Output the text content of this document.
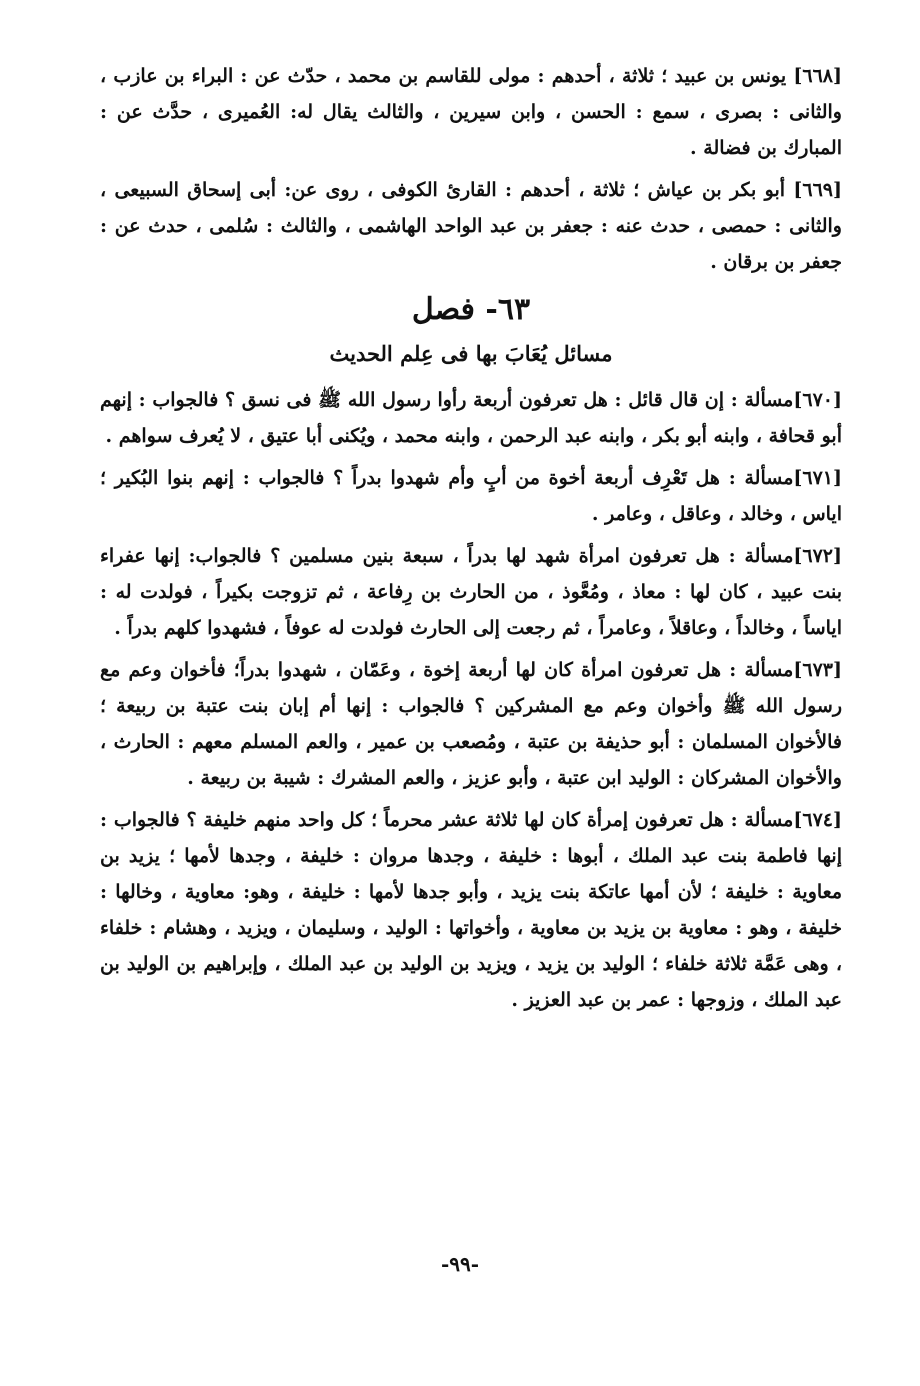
[٦٦٨] يونس بن عبيد ؛ ثلاثة ، أحدهم : مولى للقاسم بن محمد ، حدّث عن : البراء بن عازب ، والثانى : بصرى ، سمع : الحسن ، وابن سيرين ، والثالث يقال له: العُميرى ، حدَّث عن : المبارك بن فضالة .

[٦٦٩] أبو بكر بن عياش ؛ ثلاثة ، أحدهم : القارئ الكوفى ، روى عن: أبى إسحاق السبيعى ، والثانى : حمصى ، حدث عنه : جعفر بن عبد الواحد الهاشمى ، والثالث : سُلمى ، حدث عن : جعفر بن برقان .

٦٣- فصل
مسائل يُعَابَ بها فى عِلم الحديث

[٦٧٠]مسألة : إن قال قائل : هل تعرفون أربعة رأوا رسول الله ﷺ فى نسق ؟ فالجواب : إنهم أبو قحافة ، وابنه أبو بكر ، وابنه عبد الرحمن ، وابنه محمد ، ويُكنى أبا عتيق ، لا يُعرف سواهم .

[٦٧١]مسألة : هل تَعْرِف أربعة أخوة من أبٍ وأم شهدوا بدراً ؟ فالجواب : إنهم بنوا البُكير ؛ اياس ، وخالد ، وعاقل ، وعامر .

[٦٧٢]مسألة : هل تعرفون امرأة شهد لها بدراً ، سبعة بنين مسلمين ؟ فالجواب: إنها عفراء بنت عبيد ، كان لها : معاذ ، ومُعَّوذ ، من الحارث بن رِفاعة ، ثم تزوجت بكيراً ، فولدت له : اياساً ، وخالداً ، وعاقلاً ، وعامراً ، ثم رجعت إلى الحارث فولدت له عوفاً ، فشهدوا كلهم بدراً .

[٦٧٣]مسألة : هل تعرفون امرأة كان لها أربعة إخوة ، وعَمّان ، شهدوا بدراً؛ فأخوان وعم مع رسول الله ﷺ وأخوان وعم مع المشركين ؟ فالجواب : إنها أم إبان بنت عتبة بن ربيعة ؛ فالأخوان المسلمان : أبو حذيفة بن عتبة ، ومُصعب بن عمير ، والعم المسلم معهم : الحارث ، والأخوان المشركان : الوليد ابن عتبة ، وأبو عزيز ، والعم المشرك : شيبة بن ربيعة .

[٦٧٤]مسألة : هل تعرفون إمرأة كان لها ثلاثة عشر محرماً ؛ كل واحد منهم خليفة ؟ فالجواب : إنها فاطمة بنت عبد الملك ، أبوها : خليفة ، وجدها مروان : خليفة ، وجدها لأمها ؛ يزيد بن معاوية : خليفة ؛ لأن أمها عاتكة بنت يزيد ، وأبو جدها لأمها : خليفة ، وهو: معاوية ، وخالها : خليفة ، وهو : معاوية بن يزيد بن معاوية ، وأخواتها : الوليد ، وسليمان ، ويزيد ، وهشام : خلفاء ، وهى عَمَّة ثلاثة خلفاء ؛ الوليد بن يزيد ، ويزيد بن الوليد بن عبد الملك ، وإبراهيم بن الوليد بن عبد الملك ، وزوجها : عمر بن عبد العزيز .

-٩٩-
